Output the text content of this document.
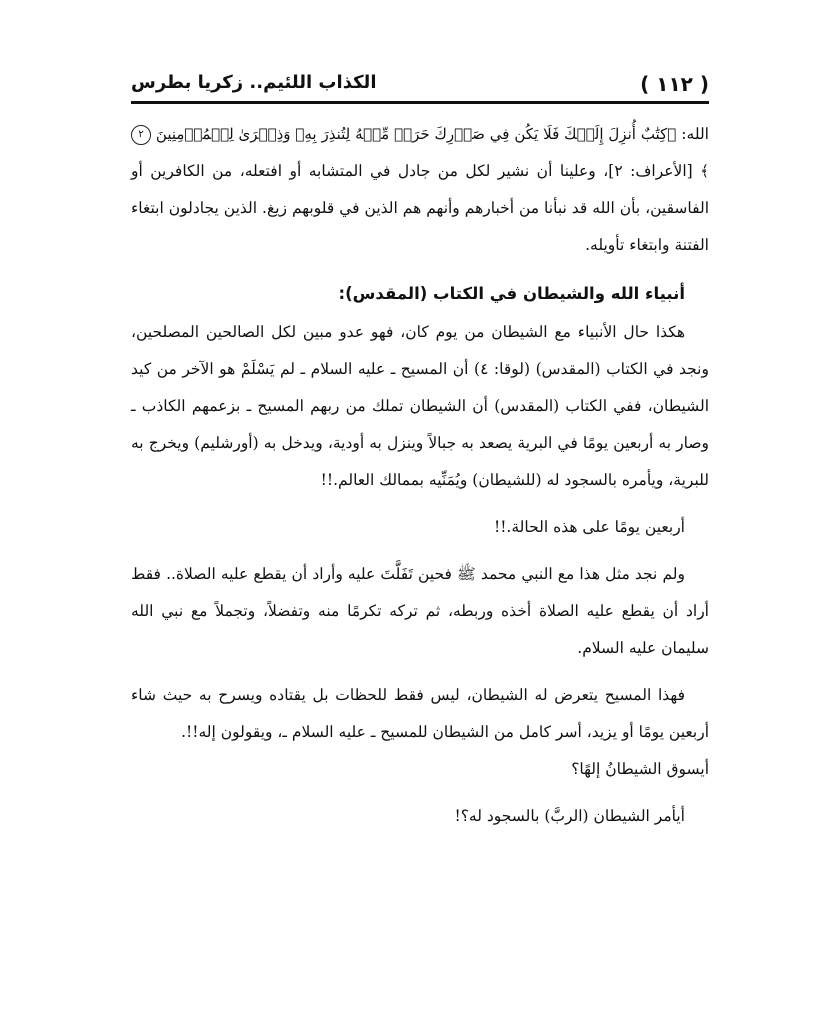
( ١١٢ )
الكذاب اللئيم.. زكريا بطرس

الله: ﴿كِتَٰبٌ أُنزِلَ إِلَيۡكَ فَلَا يَكُن فِي صَدۡرِكَ حَرَجٞ مِّنۡهُ لِتُنذِرَ بِهِۦ وَذِكۡرَىٰ لِلۡمُؤۡمِنِينَ ٢﴾ [الأعراف: ٢]، وعلينا أن نشير لكل من جادل في المتشابه أو افتعله، من الكافرين أو الفاسقين، بأن الله قد نبأنا من أخبارهم وأنهم هم الذين في قلوبهم زيغ. الذين يجادلون ابتغاء الفتنة وابتغاء تأويله.

أنبياء الله والشيطان في الكتاب (المقدس):

هكذا حال الأنبياء مع الشيطان من يوم كان، فهو عدو مبين لكل الصالحين المصلحين، ونجد في الكتاب (المقدس) (لوقا: ٤) أن المسيح ـ عليه السلام ـ لم يَسْلَمْ هو الآخر من كيد الشيطان، ففي الكتاب (المقدس) أن الشيطان تملك من ربهم المسيح ـ بزعمهم الكاذب ـ وصار به أربعين يومًا في البرية يصعد به جبالاً وينزل به أودية، ويدخل به (أورشليم) ويخرج به للبرية، ويأمره بالسجود له (للشيطان) ويُمَنِّيه بممالك العالم.!!

أربعين يومًا على هذه الحالة.!!

ولم نجد مثل هذا مع النبي محمد ﷺ فحين تَفَلَّتَ عليه وأراد أن يقطع عليه الصلاة.. فقط أراد أن يقطع عليه الصلاة أخذه وربطه، ثم تركه تكرمًا منه وتفضلاً، وتجملاً مع نبي الله سليمان عليه السلام.

فهذا المسيح يتعرض له الشيطان، ليس فقط للحظات بل يقتاده ويسرح به حيث شاء أربعين يومًا أو يزيد، أسر كامل من الشيطان للمسيح ـ عليه السلام ـ، ويقولون إله!!.

أيسوق الشيطانُ إلهًا؟

أيأمر الشيطان (الربَّ) بالسجود له؟!
